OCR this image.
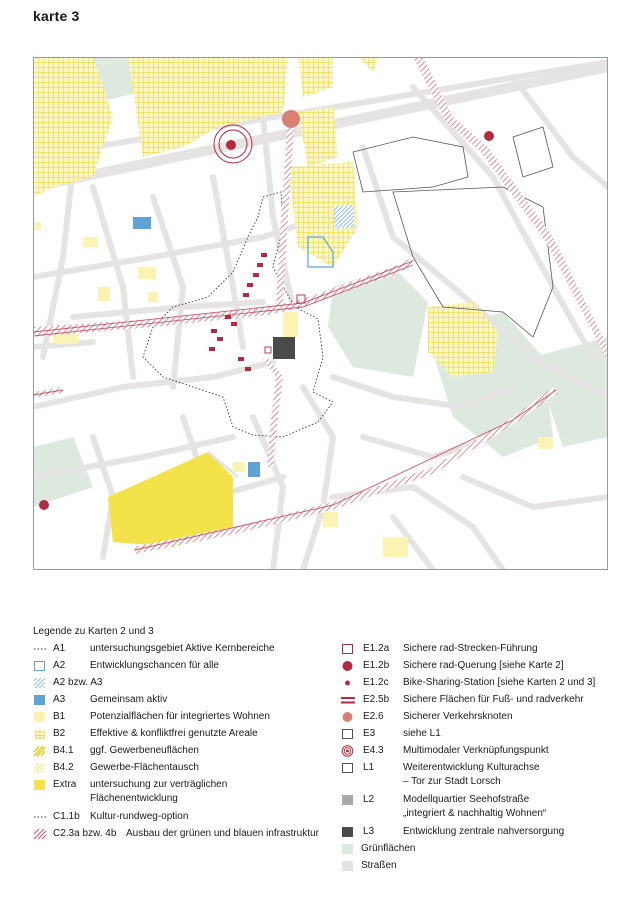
karte 3
Legende zu Karten 2 und 3
A1 untersuchungsgebiet Aktive Kernbereiche
A2 Entwicklungschancen für alle
A2 bzw. A3
A3 Gemeinsam aktiv
B1 Potenzialflächen für integriertes Wohnen
B2 Effektive & konfliktfrei genutzte Areale
B4.1 ggf. Gewerbeneuflächen
B4.2 Gewerbe-Flächentausch
Extra untersuchung zur verträglichen
Flächenentwicklung
C1.1b Kultur-rundweg-option
C2.3a bzw. 4b Ausbau der grünen und blauen infrastruktur
E1.2a Sichere rad-Strecken-Führung
E1.2b Sichere rad-Querung [siehe Karte 2]
E1.2c Bike-Sharing-Station [siehe Karten 2 und 3]
E2.5b Sichere Flächen für Fuß- und radverkehr
E2.6 Sicherer Verkehrsknoten
E3	siehe L1
E4.3 Multimodaler Verknüpfungspunkt
L1	Weiterentwicklung Kulturachse
– Tor zur Stadt Lorsch
L2	Modellquartier Seehofstraße
„integriert & nachhaltig Wohnen“
L3	Entwicklung zentrale nahversorgung
Grünflächen
Straßen
